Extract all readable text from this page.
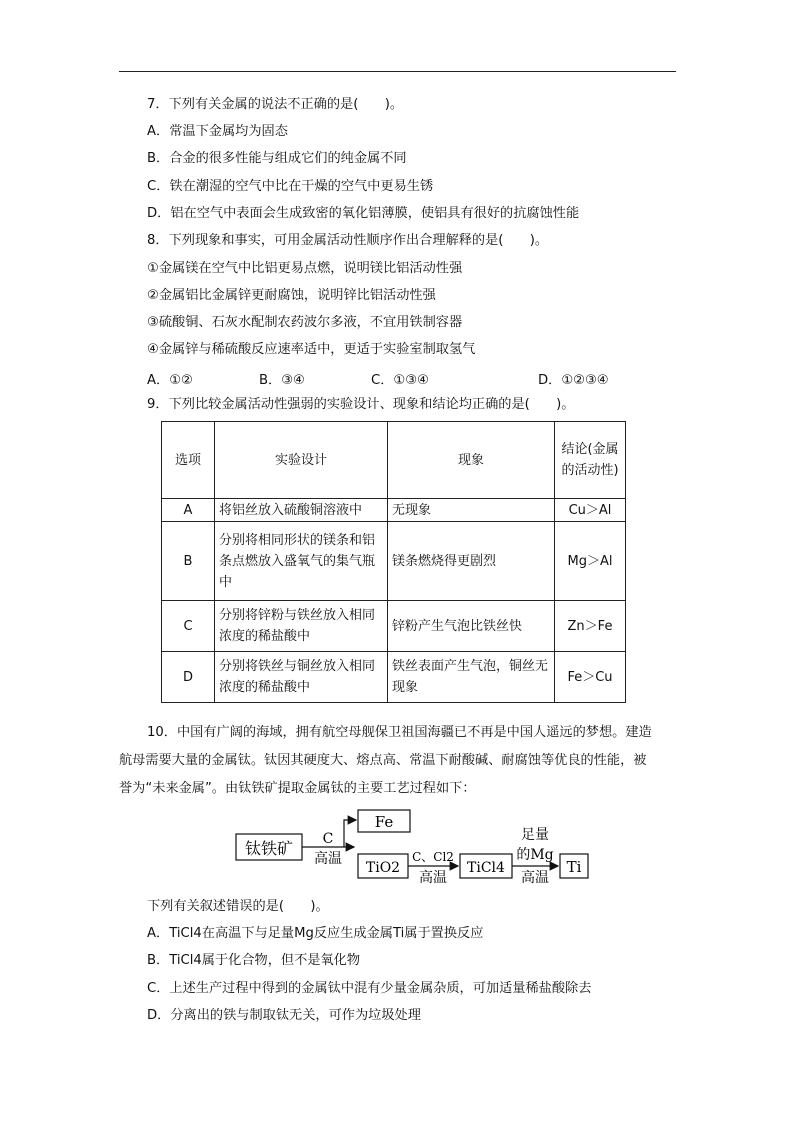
7．下列有关金属的说法不正确的是(　　)。
A．常温下金属均为固态
B．合金的很多性能与组成它们的纯金属不同
C．铁在潮湿的空气中比在干燥的空气中更易生锈
D．铝在空气中表面会生成致密的氧化铝薄膜，使铝具有很好的抗腐蚀性能
8．下列现象和事实，可用金属活动性顺序作出合理解释的是(　　)。
①金属镁在空气中比铝更易点燃，说明镁比铝活动性强
②金属铝比金属锌更耐腐蚀，说明锌比铝活动性强
③硫酸铜、石灰水配制农药波尔多液，不宜用铁制容器
④金属锌与稀硫酸反应速率适中，更适于实验室制取氢气
A．①②	B．③④	C．①③④	D．①②③④
9．下列比较金属活动性强弱的实验设计、现象和结论均正确的是(　　)。
选项	实验设计	现象	结论(金属的活动性)
A	将铝丝放入硫酸铜溶液中	无现象	Cu＞Al
B	分别将相同形状的镁条和铝条点燃放入盛氧气的集气瓶中	镁条燃烧得更剧烈	Mg＞Al
C	分别将锌粉与铁丝放入相同浓度的稀盐酸中	锌粉产生气泡比铁丝快	Zn＞Fe
D	分别将铁丝与铜丝放入相同浓度的稀盐酸中	铁丝表面产生气泡，铜丝无现象	Fe＞Cu
10．中国有广阔的海域，拥有航空母舰保卫祖国海疆已不再是中国人遥远的梦想。建造
航母需要大量的金属钛。钛因其硬度大、熔点高、常温下耐酸碱、耐腐蚀等优良的性能，被
誉为“未来金属”。由钛铁矿提取金属钛的主要工艺过程如下：
钛铁矿 C
高温
Fe
TiO2
C、Cl2
高温
TiCl4
足量
的Mg
高温
Ti
下列有关叙述错误的是(　　)。
A．TiCl4在高温下与足量Mg反应生成金属Ti属于置换反应
B．TiCl4属于化合物，但不是氧化物
C．上述生产过程中得到的金属钛中混有少量金属杂质，可加适量稀盐酸除去
D．分离出的铁与制取钛无关，可作为垃圾处理
